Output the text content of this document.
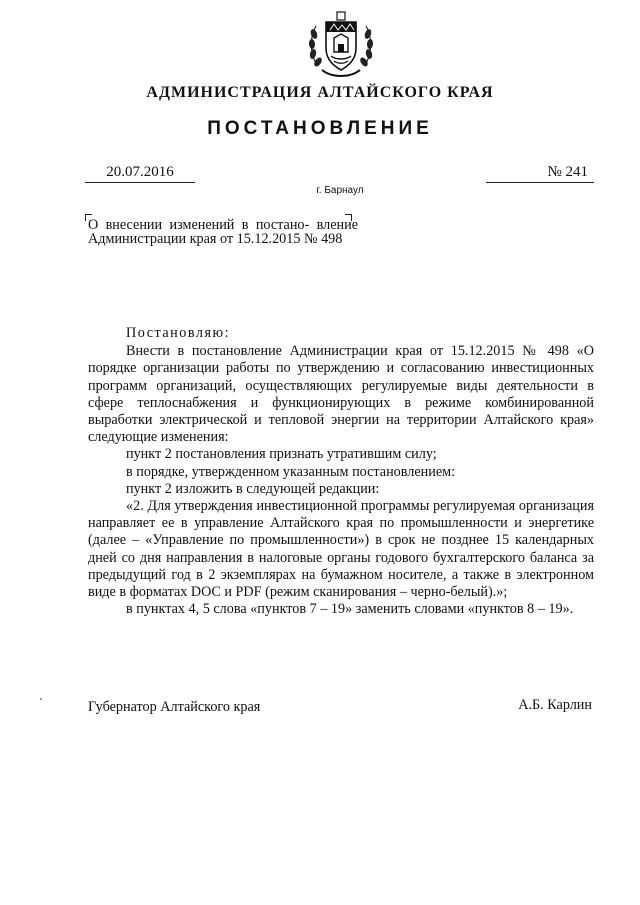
АДМИНИСТРАЦИЯ АЛТАЙСКОГО КРАЯ
ПОСТАНОВЛЕНИЕ
20.07.2016	№ 241
г. Барнаул
О внесении изменений в постано- вление Администрации края от 15.12.2015 № 498
Постановляю:
Внести в постановление Администрации края от 15.12.2015 № 498 «О порядке организации работы по утверждению и согласованию инвестиционных программ организаций, осуществляющих регулируемые виды деятельности в сфере теплоснабжения и функционирующих в режиме комбинированной выработки электрической и тепловой энергии на территории Алтайского края» следующие изменения:
пункт 2 постановления признать утратившим силу;
в порядке, утвержденном указанным постановлением:
пункт 2 изложить в следующей редакции:
«2. Для утверждения инвестиционной программы регулируемая организация направляет ее в управление Алтайского края по промышленности и энергетике (далее – «Управление по промышленности») в срок не позднее 15 календарных дней со дня направления в налоговые органы годового бухгалтерского баланса за предыдущий год в 2 экземплярах на бумажном носителе, а также в электронном виде в форматах DOC и PDF (режим сканирования – черно-белый).»;
в пунктах 4, 5 слова «пунктов 7 – 19» заменить словами «пунктов 8 – 19».
Губернатор Алтайского края	А.Б. Карлин
